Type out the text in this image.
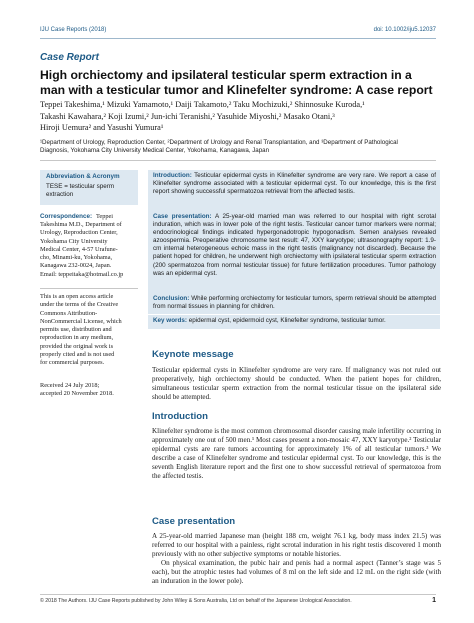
IJU Case Reports (2018)	doi: 10.1002/iju5.12037
Case Report
High orchiectomy and ipsilateral testicular sperm extraction in a man with a testicular tumor and Klinefelter syndrome: A case report
Teppei Takeshima,¹ Mizuki Yamamoto,¹ Daiji Takamoto,² Taku Mochizuki,² Shinnosuke Kuroda,¹
Takashi Kawahara,² Koji Izumi,² Jun-ichi Teranishi,² Yasuhide Miyoshi,² Masako Otani,³
Hiroji Uemura² and Yasushi Yumura¹
¹Department of Urology, Reproduction Center, ²Department of Urology and Renal Transplantation, and ³Department of Pathological
Diagnosis, Yokohama City University Medical Center, Yokohama, Kanagawa, Japan
Abbreviation & Acronym
TESE = testicular sperm
extraction
Correspondence: Teppei
Takeshima M.D., Department of
Urology, Reproduction Center,
Yokohama City University
Medical Center, 4-57 Urafune-
cho, Minami-ku, Yokohama,
Kanagawa 232-0024, Japan.
Email: teppeitaka@hotmail.co.jp
This is an open access article
under the terms of the Creative
Commons Attribution-
NonCommercial License, which
permits use, distribution and
reproduction in any medium,
provided the original work is
properly cited and is not used
for commercial purposes.
Received 24 July 2018;
accepted 20 November 2018.
Introduction: Testicular epidermal cysts in Klinefelter syndrome are very rare. We report a case of Klinefelter syndrome associated with a testicular epidermal cyst. To our knowledge, this is the first report showing successful spermatozoa retrieval from the affected testis.
Case presentation: A 25-year-old married man was referred to our hospital with right scrotal induration, which was in lower pole of the right testis. Testicular cancer tumor markers were normal; endocrinological findings indicated hypergonadotropic hypogonadism. Semen analyses revealed azoospermia. Preoperative chromosome test result: 47, XXY karyotype; ultrasonography report: 1.9-cm internal heterogeneous echoic mass in the right testis (malignancy not discarded). Because the patient hoped for children, he underwent high orchiectomy with ipsilateral testicular sperm extraction (200 spermatozoa from normal testicular tissue) for future fertilization procedures. Tumor pathology was an epidermal cyst.
Conclusion: While performing orchiectomy for testicular tumors, sperm retrieval should be attempted from normal tissues in planning for children.
Key words: epidermal cyst, epidermoid cyst, Klinefelter syndrome, testicular tumor.
Keynote message
Testicular epidermal cysts in Klinefelter syndrome are very rare. If malignancy was not ruled out preoperatively, high orchiectomy should be conducted. When the patient hopes for children, simultaneous testicular sperm extraction from the normal testicular tissue on the ipsilateral side should be attempted.
Introduction
Klinefelter syndrome is the most common chromosomal disorder causing male infertility occurring in approximately one out of 500 men.¹ Most cases present a non-mosaic 47, XXY karyotype.² Testicular epidermal cysts are rare tumors accounting for approximately 1% of all testicular tumors.³ We describe a case of Klinefelter syndrome and testicular epidermal cyst. To our knowledge, this is the seventh English literature report and the first one to show successful retrieval of spermatozoa from the affected testis.
Case presentation

A 25-year-old married Japanese man (height 188 cm, weight 76.1 kg, body mass index 21.5) was referred to our hospital with a painless, right scrotal induration in his right testis discovered 1 month previously with no other subjective symptoms or notable histories.

On physical examination, the pubic hair and penis had a normal aspect (Tanner’s stage was 5 each), but the atrophic testes had volumes of 8 ml on the left side and 12 mL on the right side (with an induration in the lower pole).

© 2018 The Authors. IJU Case Reports published by John Wiley & Sons Australia, Ltd on behalf of the Japanese Urological Association.	1
